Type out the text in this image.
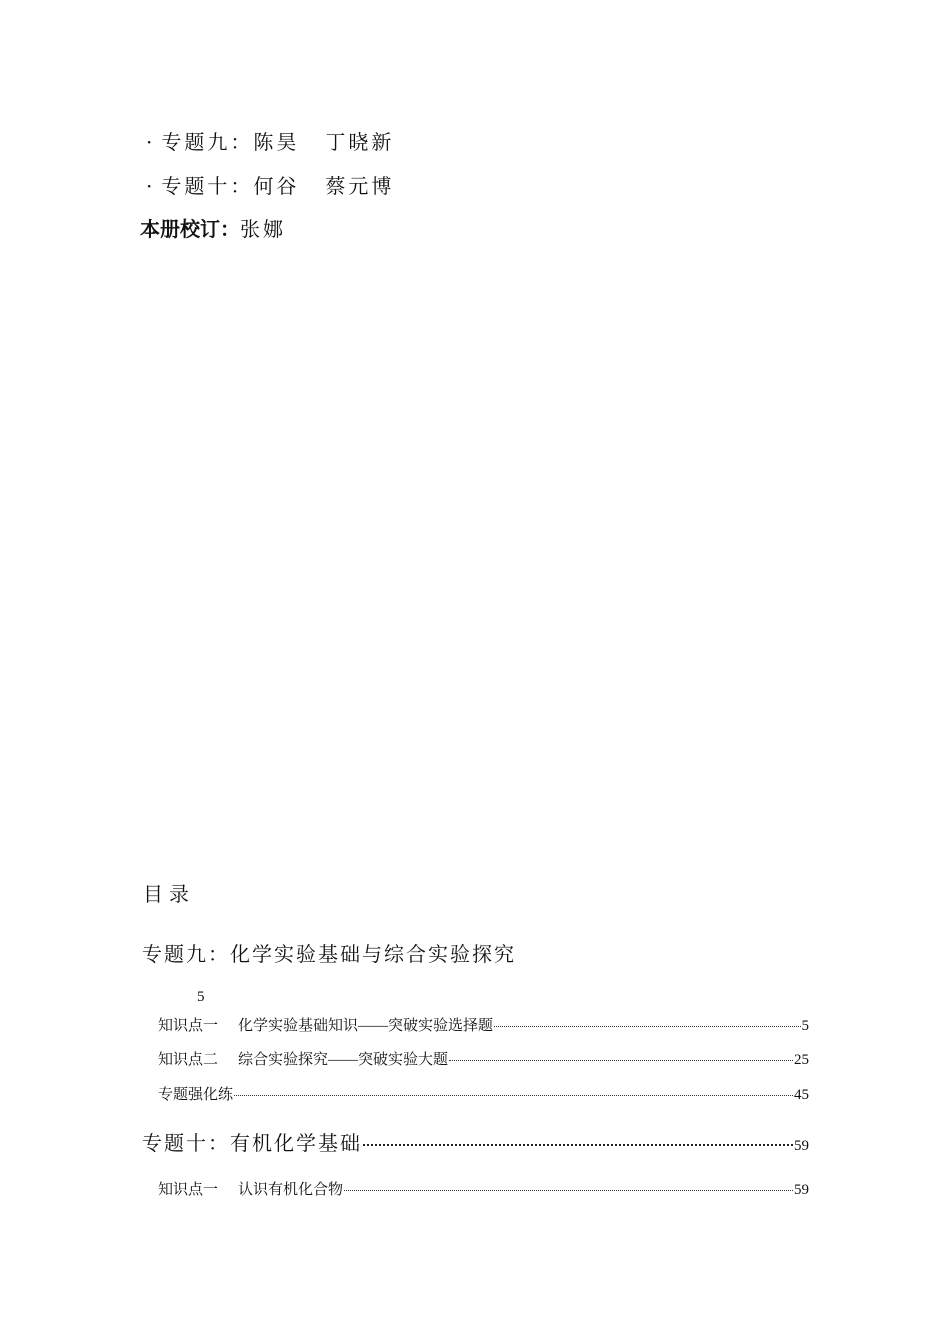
· 专题九：陈昊 丁晓新
· 专题十：何谷 蔡元博
本册校订：张娜
目录
专题九：化学实验基础与综合实验探究
5
知识点一 化学实验基础知识——突破实验选择题	5
知识点二 综合实验探究——突破实验大题	25
专题强化练	45
专题十：有机化学基础	59
知识点一 认识有机化合物	59
